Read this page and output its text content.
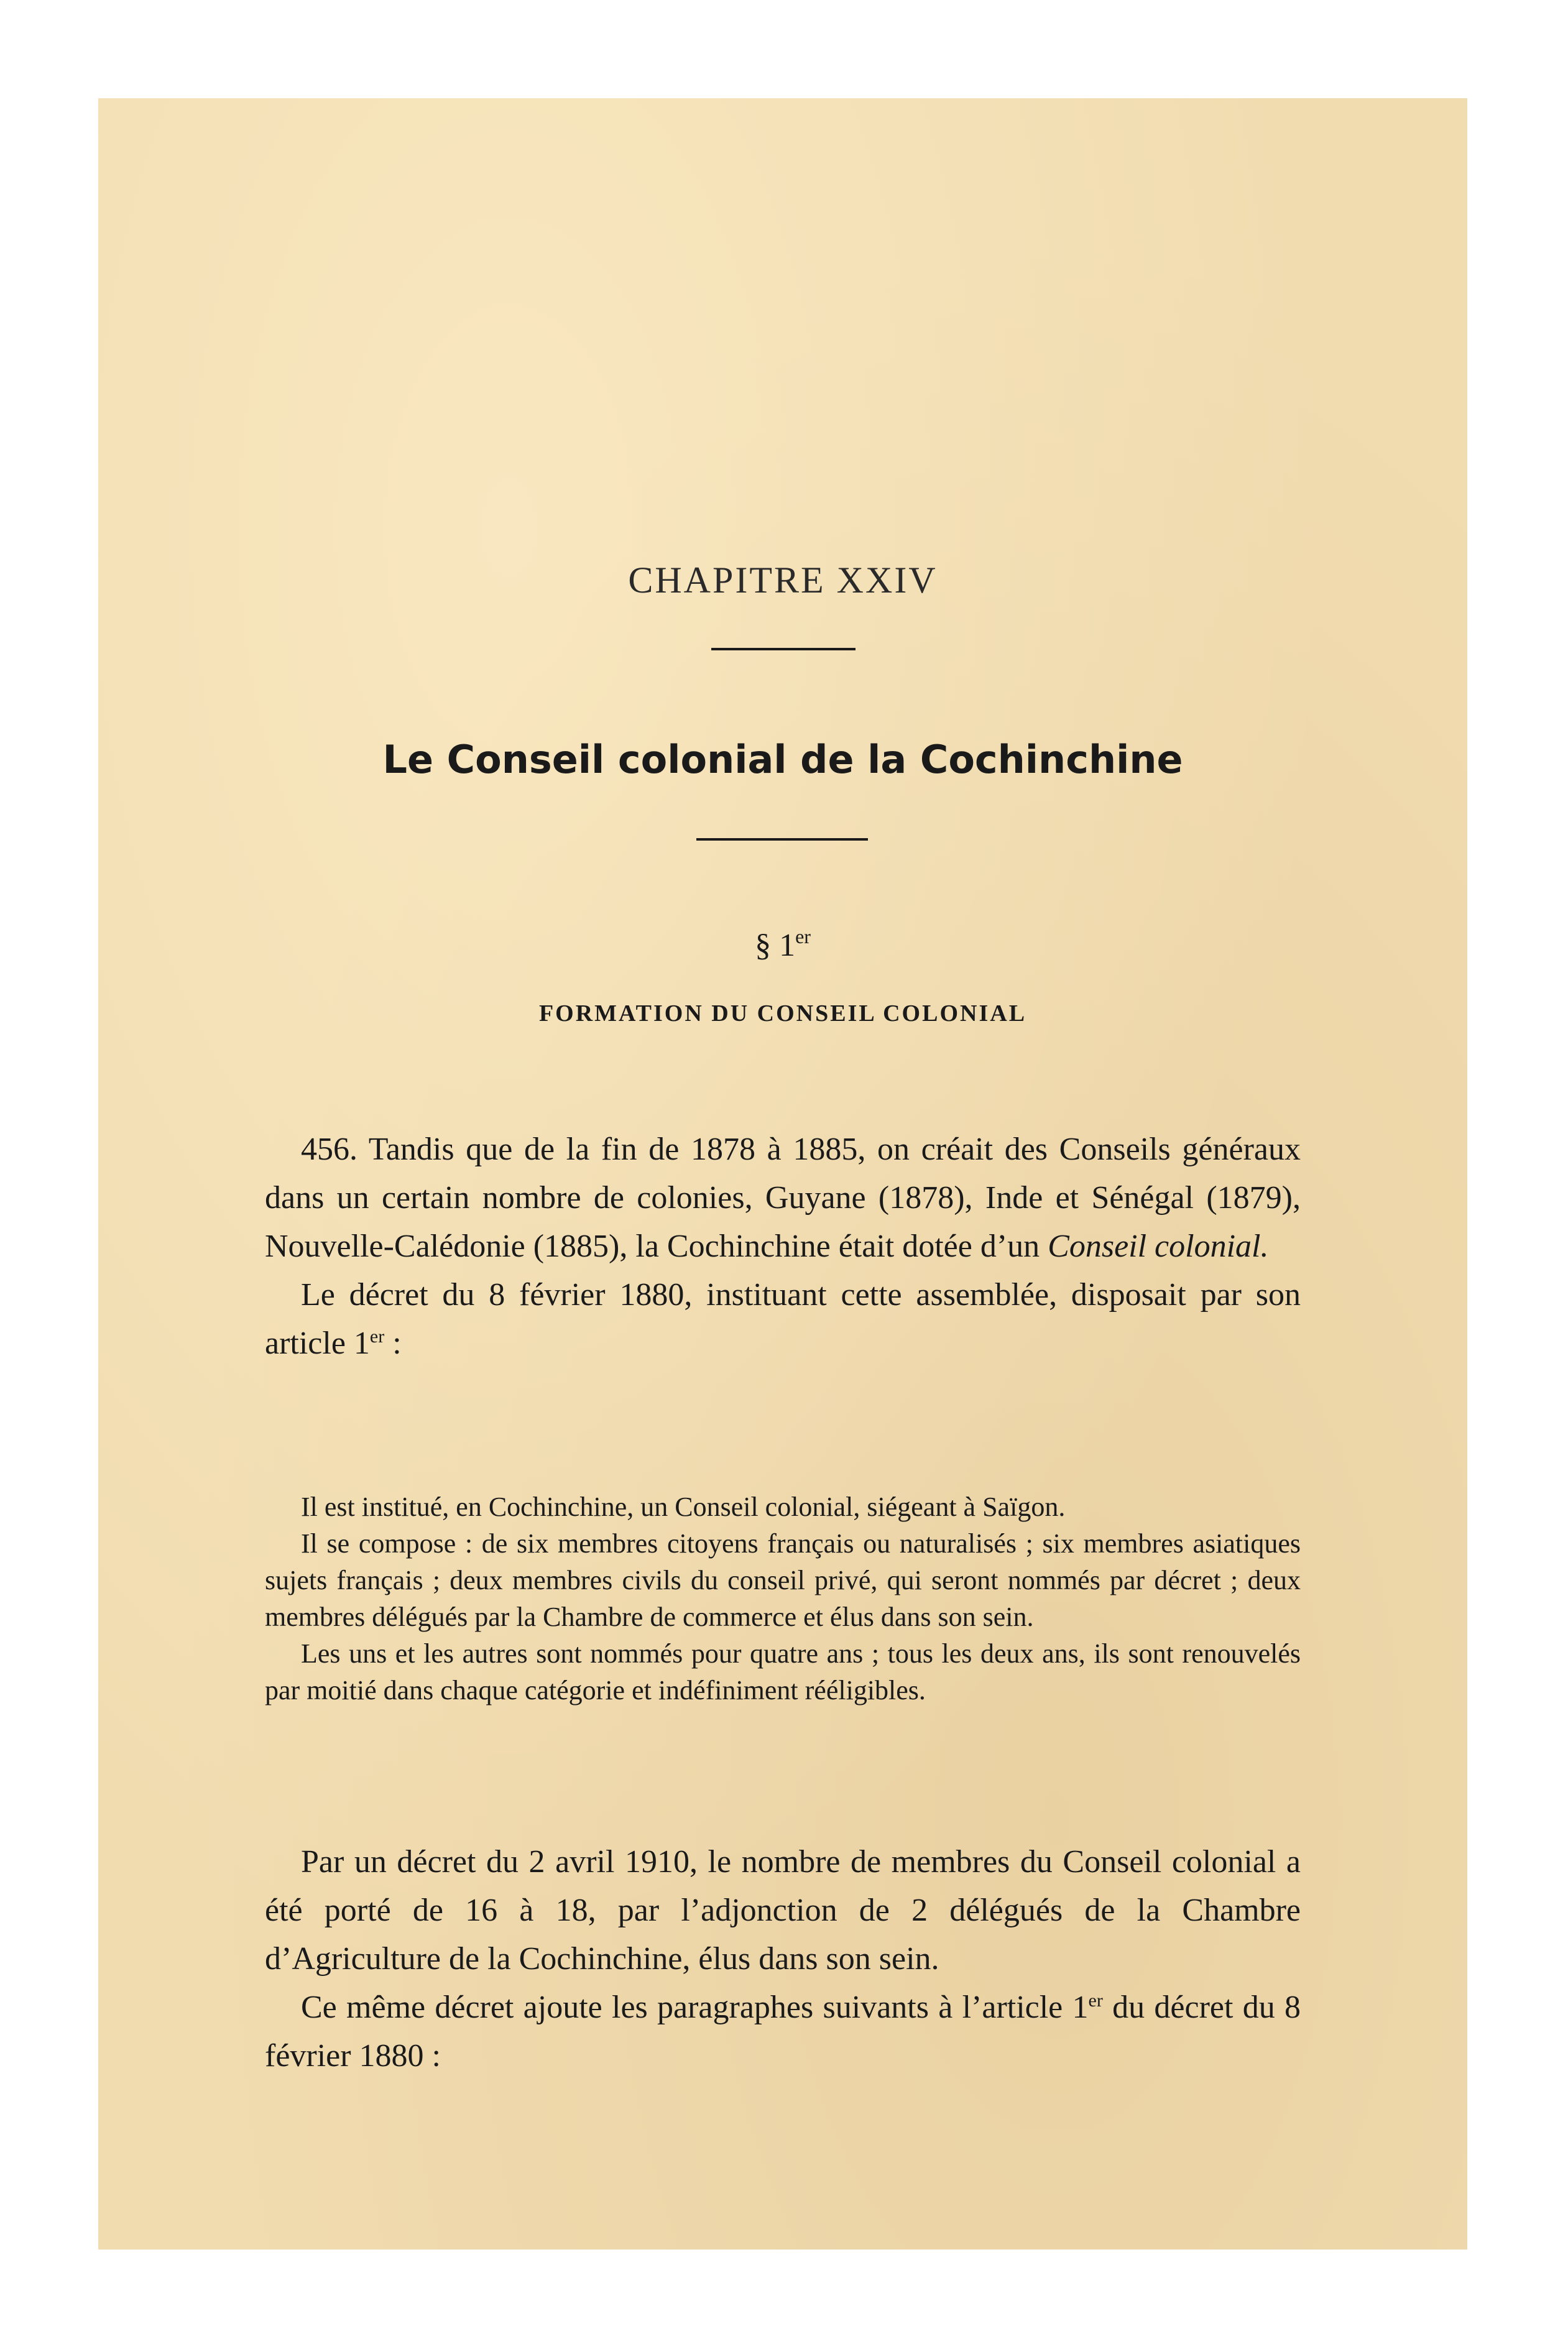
CHAPITRE XXIV
Le Conseil colonial de la Cochinchine
§ 1er
FORMATION DU CONSEIL COLONIAL

456. Tandis que de la fin de 1878 à 1885, on créait des Conseils généraux dans un certain nombre de colonies, Guyane (1878), Inde et Sénégal (1879), Nouvelle-Calédonie (1885), la Cochinchine était dotée d’un Conseil colonial.

Le décret du 8 février 1880, instituant cette assemblée, disposait par son article 1er :

Il est institué, en Cochinchine, un Conseil colonial, siégeant à Saïgon.

Il se compose : de six membres citoyens français ou naturalisés ; six membres asiatiques sujets français ; deux membres civils du conseil privé, qui seront nommés par décret ; deux membres délégués par la Chambre de commerce et élus dans son sein.

Les uns et les autres sont nommés pour quatre ans ; tous les deux ans, ils sont renouvelés par moitié dans chaque catégorie et indéfiniment rééligibles.

Par un décret du 2 avril 1910, le nombre de membres du Conseil colonial a été porté de 16 à 18, par l’adjonction de 2 délégués de la Chambre d’Agriculture de la Cochinchine, élus dans son sein.

Ce même décret ajoute les paragraphes suivants à l’article 1er du décret du 8 février 1880 :
